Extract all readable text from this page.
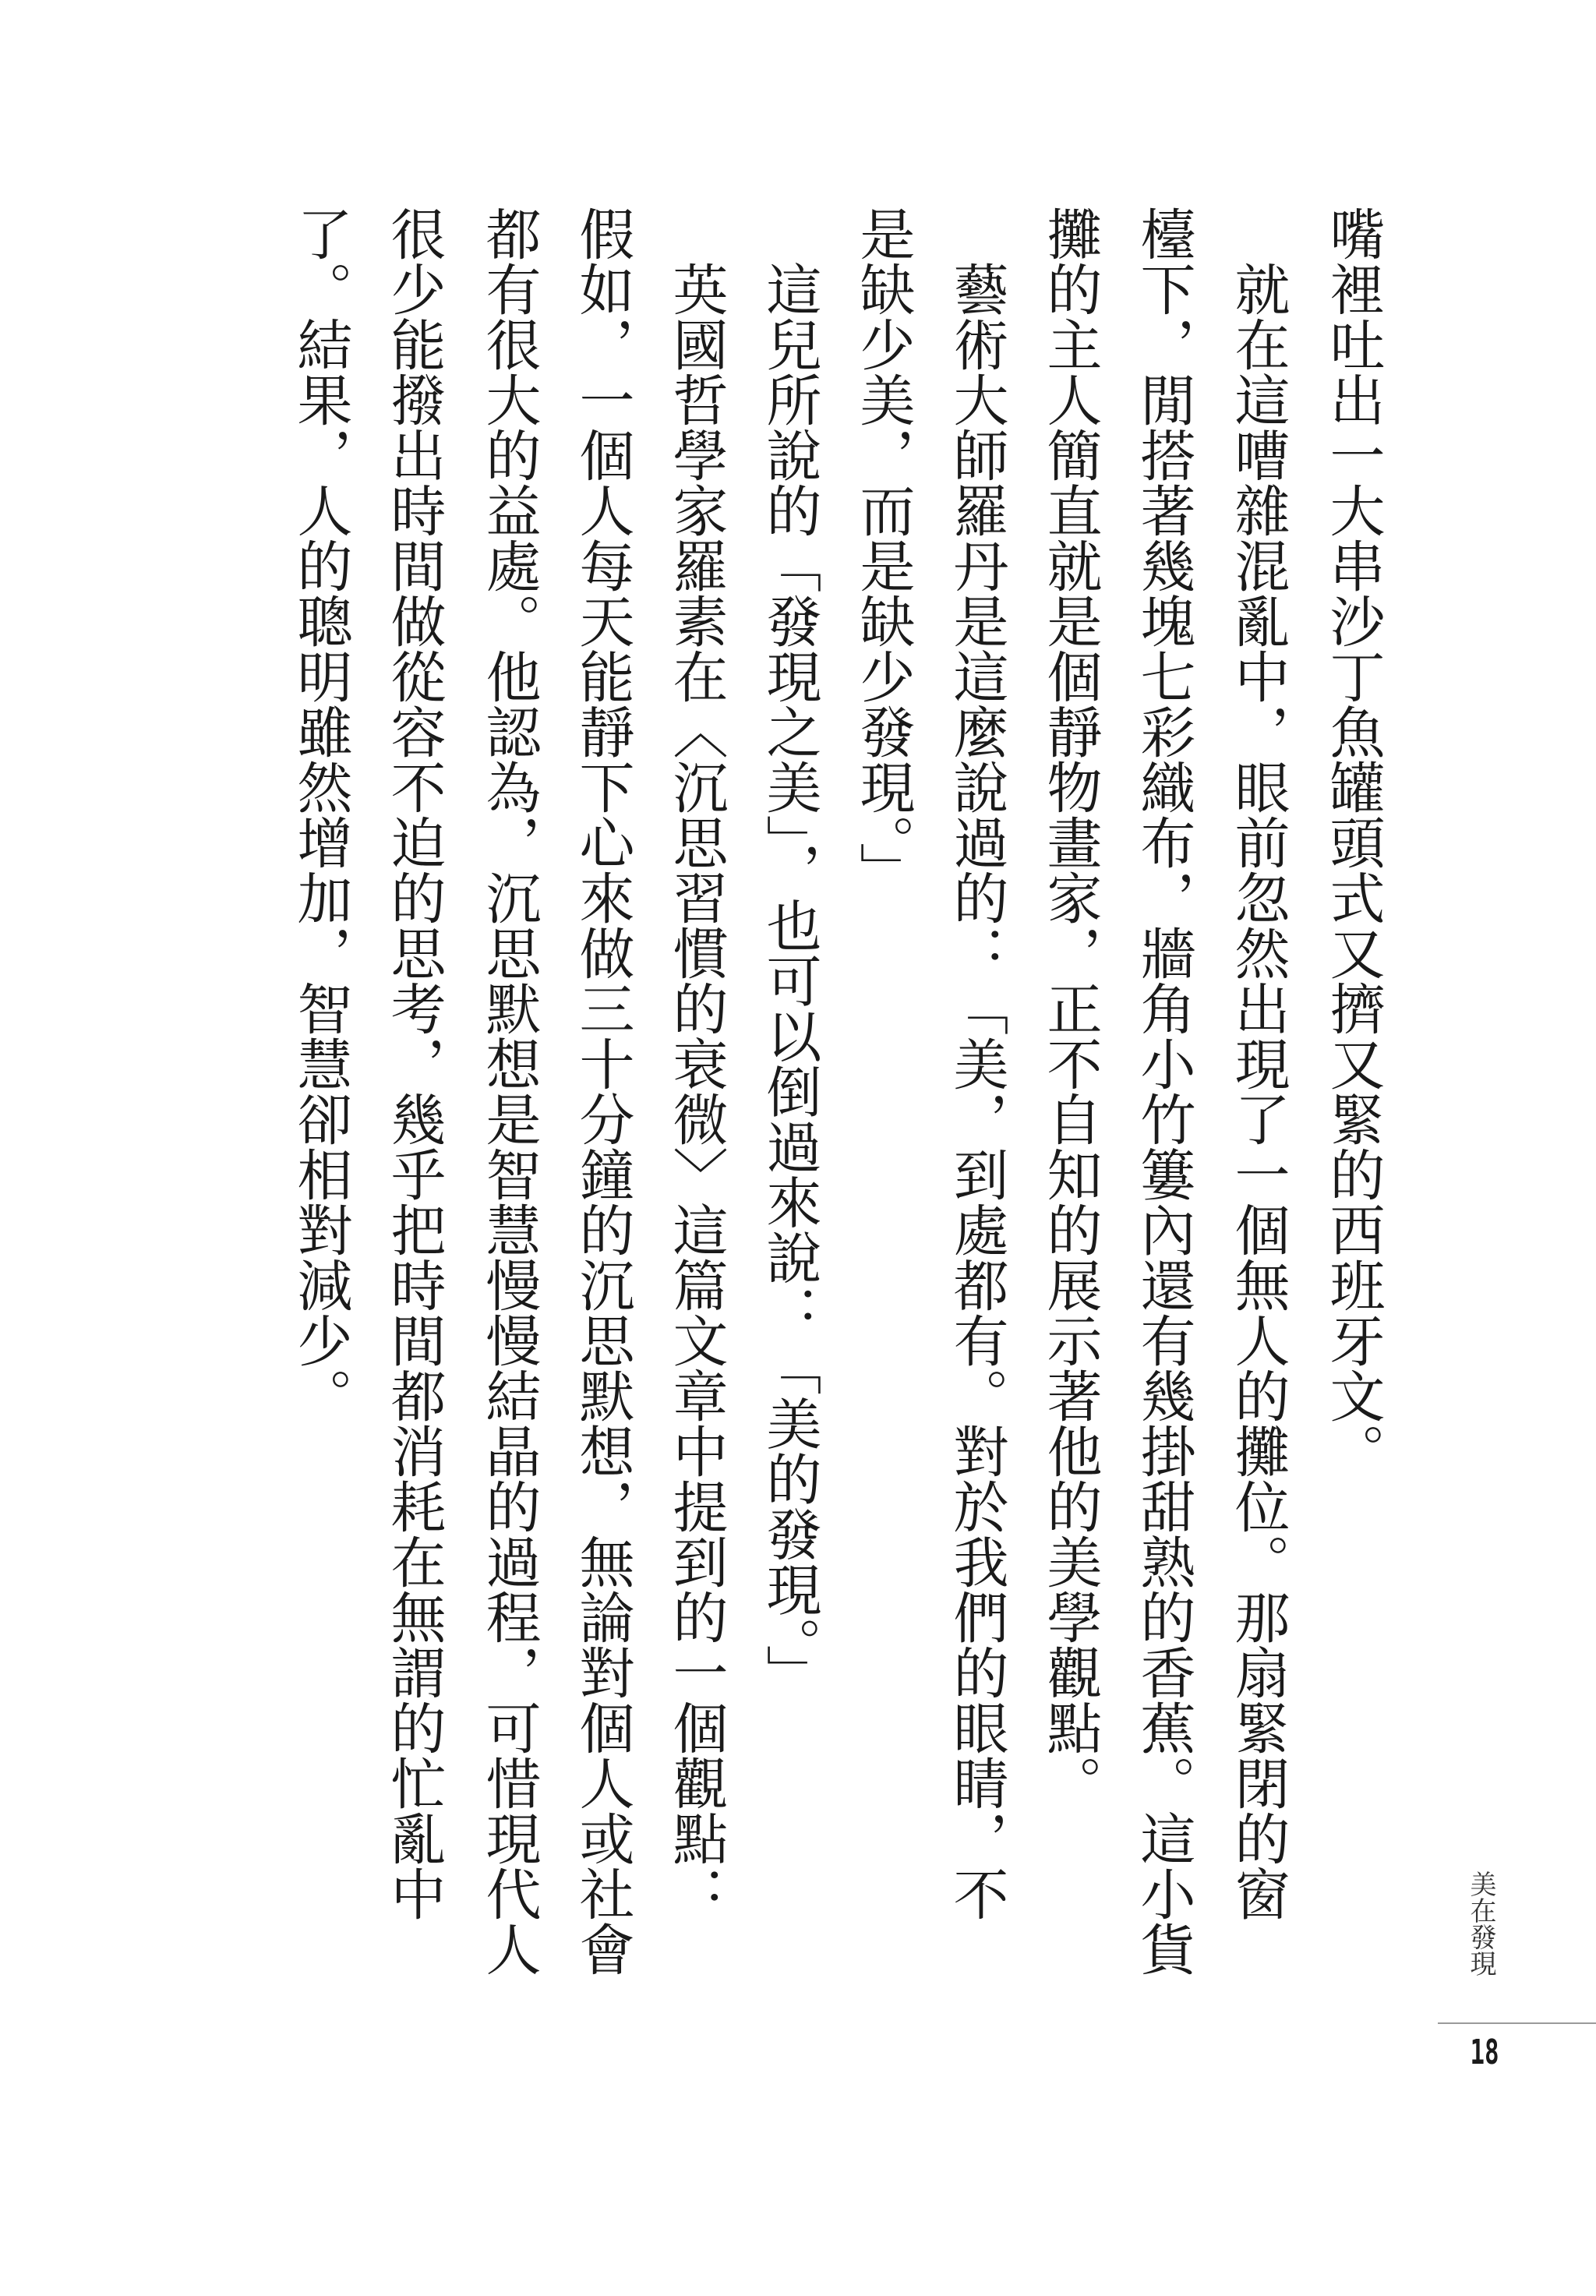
嘴裡吐出一大串沙丁魚罐頭式又擠又緊的西班牙文。
就在這嘈雜混亂中，眼前忽然出現了一個無人的攤位。那扇緊閉的窗
檯下，閒搭著幾塊七彩織布，牆角小竹簍內還有幾掛甜熟的香蕉。這小貨
攤的主人簡直就是個靜物畫家，正不自知的展示著他的美學觀點。
藝術大師羅丹是這麼說過的：「美，到處都有。對於我們的眼睛，不
是缺少美，而是缺少發現。」
這兒所說的「發現之美」，也可以倒過來說：「美的發現。」
英國哲學家羅素在〈沉思習慣的衰微〉這篇文章中提到的一個觀點：
假如，一個人每天能靜下心來做三十分鐘的沉思默想，無論對個人或社會
都有很大的益處。他認為，沉思默想是智慧慢慢結晶的過程，可惜現代人
很少能撥出時間做從容不迫的思考，幾乎把時間都消耗在無謂的忙亂中
了。結果，人的聰明雖然增加，智慧卻相對減少。
美在發現
18
